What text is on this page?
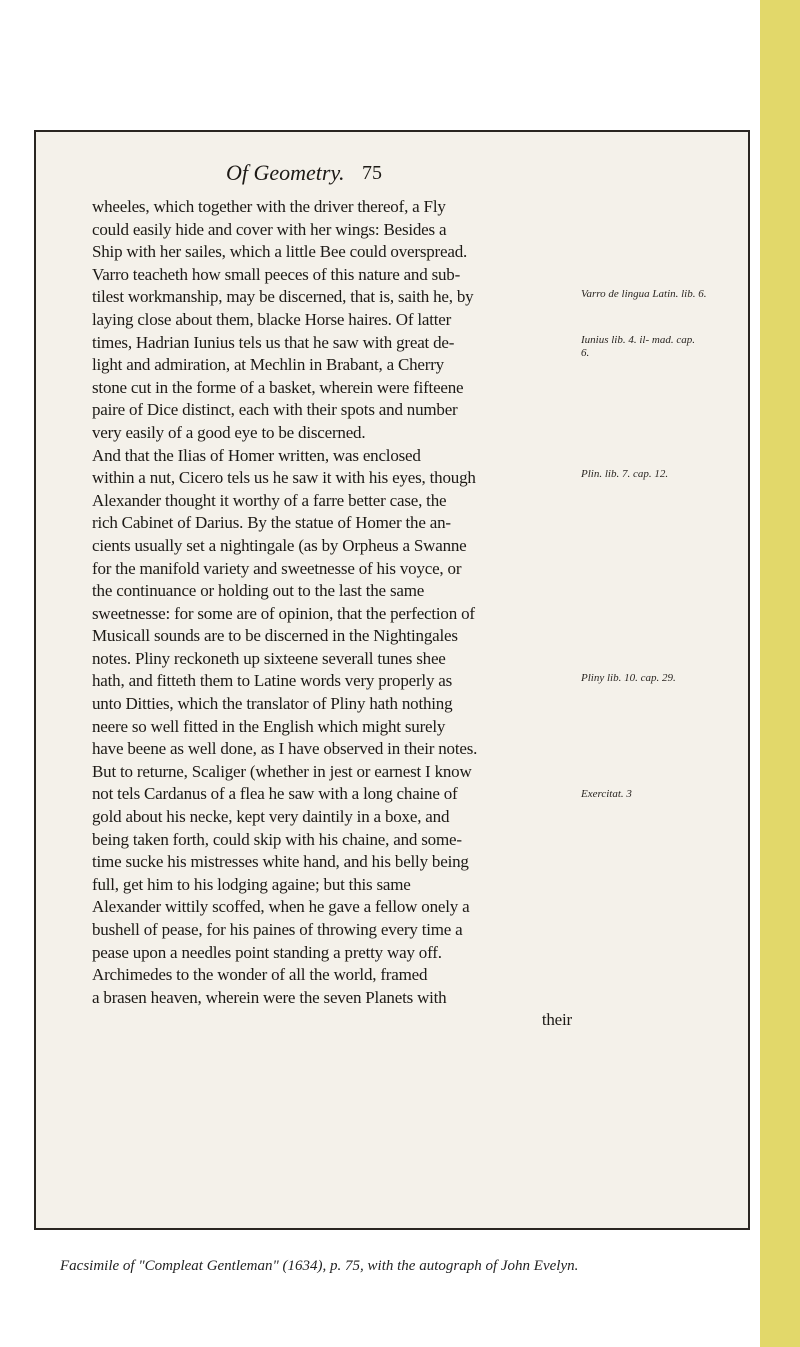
Of Geometry. 75
wheeles, which together with the driver thereof, a Fly
could easily hide and cover with her wings: Besides a
Ship with her sailes, which a little Bee could overspread.
Varro teacheth how small peeces of this nature and sub-
tilest workmanship, may be discerned, that is, saith he, by
laying close about them, blacke Horse haires. Of latter
times, Hadrian Iunius tels us that he saw with great de-
light and admiration, at Mechlin in Brabant, a Cherry
stone cut in the forme of a basket, wherein were fifteene
paire of Dice distinct, each with their spots and number
very easily of a good eye to be discerned.
And that the Ilias of Homer written, was enclosed
within a nut, Cicero tels us he saw it with his eyes, though
Alexander thought it worthy of a farre better case, the
rich Cabinet of Darius. By the statue of Homer the an-
cients usually set a nightingale (as by Orpheus a Swanne
for the manifold variety and sweetnesse of his voyce, or
the continuance or holding out to the last the same
sweetnesse: for some are of opinion, that the perfection of
Musicall sounds are to be discerned in the Nightingales
notes. Pliny reckoneth up sixteene severall tunes shee
hath, and fitteth them to Latine words very properly as
unto Ditties, which the translator of Pliny hath nothing
neere so well fitted in the English which might surely
have beene as well done, as I have observed in their notes.
But to returne, Scaliger (whether in jest or earnest I know
not tels Cardanus of a flea he saw with a long chaine of
gold about his necke, kept very daintily in a boxe, and
being taken forth, could skip with his chaine, and some-
time sucke his mistresses white hand, and his belly being
full, get him to his lodging againe; but this same
Alexander wittily scoffed, when he gave a fellow onely a
bushell of pease, for his paines of throwing every time a
pease upon a needles point standing a pretty way off.
Archimedes to the wonder of all the world, framed
a brasen heaven, wherein were the seven Planets with
their
Varro de lingua Latin. lib. 6.
Iunius lib. 4. il- mad. cap. 6.
Plin. lib. 7. cap. 12.
Pliny lib. 10. cap. 29.
Exercitat. 3
Facsimile of "Compleat Gentleman" (1634), p. 75, with the autograph of John Evelyn.
